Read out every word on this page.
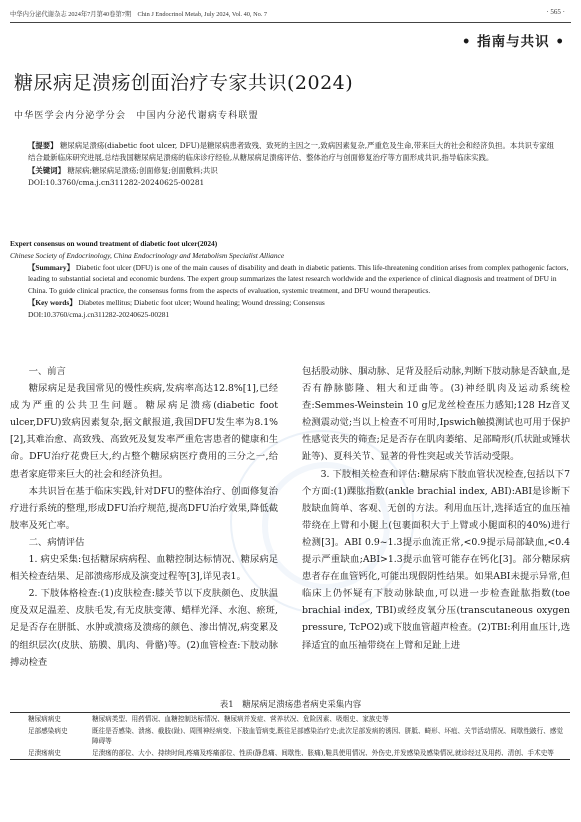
中华内分泌代谢杂志 2024年7月第40卷第7期　Chin J Endocrinol Metab, July 2024, Vol. 40, No. 7	· 565 ·
• 指南与共识 •
糖尿病足溃疡创面治疗专家共识(2024)
中华医学会内分泌学分会　中国内分泌代谢病专科联盟
【提要】 糖尿病足溃疡(diabetic foot ulcer, DFU)是糖尿病患者致残、致死的主因之一,致病因素复杂,严重危及生命,带来巨大的社会和经济负担。本共识专家组结合最新临床研究进展,总结我国糖尿病足溃疡的临床诊疗经验,从糖尿病足溃疡评估、整体治疗与创面修复治疗等方面形成共识,指导临床实践。
【关键词】 糖尿病;糖尿病足溃疡;创面修复;创面敷料;共识
DOI:10.3760/cma.j.cn311282-20240625-00281
Expert consensus on wound treatment of diabetic foot ulcer(2024)
Chinese Society of Endocrinology, China Endocrinology and Metabolism Specialist Alliance
【Summary】 Diabetic foot ulcer (DFU) is one of the main causes of disability and death in diabetic patients. This life-threatening condition arises from complex pathogenic factors, leading to substantial societal and economic burdens. The expert group summarizes the latest research worldwide and the experience of clinical diagnosis and treatment of DFU in China. To guide clinical practice, the consensus forms from the aspects of evaluation, systemic treatment, and DFU wound therapeutics.
【Key words】 Diabetes mellitus; Diabetic foot ulcer; Wound healing; Wound dressing; Consensus
DOI:10.3760/cma.j.cn311282-20240625-00281

一、前言

糖尿病足是我国常见的慢性疾病,发病率高达12.8%[1],已经成为严重的公共卫生问题。糖尿病足溃疡(diabetic foot ulcer,DFU)致病因素复杂,据文献报道,我国DFU发生率为8.1%[2],其难治愈、高致残、高致死及复发率严重危害患者的健康和生命。DFU治疗花费巨大,约占整个糖尿病医疗费用的三分之一,给患者家庭带来巨大的社会和经济负担。

本共识旨在基于临床实践,针对DFU的整体治疗、创面修复治疗进行系统的整理,形成DFU治疗规范,提高DFU治疗效果,降低截肢率及死亡率。

二、病情评估

1. 病史采集:包括糖尿病病程、血糖控制达标情况、糖尿病足相关检查结果、足部溃疡形成及演变过程等[3],详见表1。

2. 下肢体格检查:(1)皮肤检查:膝关节以下皮肤颜色、皮肤温度及双足温差、皮肤毛发,有无皮肤变薄、蜡样光泽、水泡、瘀斑,足是否存在胼胝、水肿或溃疡及溃疡的颜色、渗出情况,病变累及的组织层次(皮肤、筋膜、肌肉、骨骼)等。(2)血管检查:下肢动脉搏动检查

包括股动脉、腘动脉、足背及胫后动脉,判断下肢动脉是否缺血,是否有静脉膨隆、粗大和迂曲等。(3)神经肌肉及运动系统检查:Semmes-Weinstein 10 g尼龙丝检查压力感知;128 Hz音叉检测震动觉;当以上检查不可用时,Ipswich触摸测试也可用于保护性感觉丧失的筛查;足是否存在肌肉萎缩、足部畸形(爪状趾或锤状趾等)、夏科关节、显著的骨性突起或关节活动受限。

3. 下肢相关检查和评估:糖尿病下肢血管状况检查,包括以下7个方面:(1)踝肱指数(ankle brachial index, ABI):ABI是诊断下肢缺血简单、客观、无创的方法。利用血压计,选择适宜的血压袖带绕在上臂和小腿上(包裹面积大于上臂或小腿面积的40%)进行检测[3]。ABI 0.9~1.3提示血流正常,<0.9提示局部缺血,<0.4提示严重缺血;ABI>1.3提示血管可能存在钙化[3]。部分糖尿病患者存在血管钙化,可能出现假阴性结果。如果ABI未提示异常,但临床上仍怀疑有下肢动脉缺血,可以进一步检查趾肱指数(toe brachial index, TBI)或经皮氧分压(transcutaneous oxygen pressure, TcPO2)或下肢血管超声检查。(2)TBI:利用血压计,选择适宜的血压袖带绕在上臂和足趾上进

表1　糖尿病足溃疡患者病史采集内容
糖尿病病史	糖尿病类型、用药情况、血糖控制达标情况、糖尿病并发症、营养状况、危险因素、吸烟史、家族史等
足部感染病史	既往是否感染、溃疡、截肢(趾)、周围神经病变、下肢血管病变,既往足部感染治疗史;此次足部发病的诱因、胼胝、畸形、坏疽、关节活动情况、间歇性跛行、感觉障碍等
足溃疡病史	足溃疡的部位、大小、持续时间,疼痛及疼痛部位、性质(静息痛、间歇性、胀痛),鞋具使用情况、外伤史,并发感染及感染情况,就诊经过及用药、清创、手术史等
